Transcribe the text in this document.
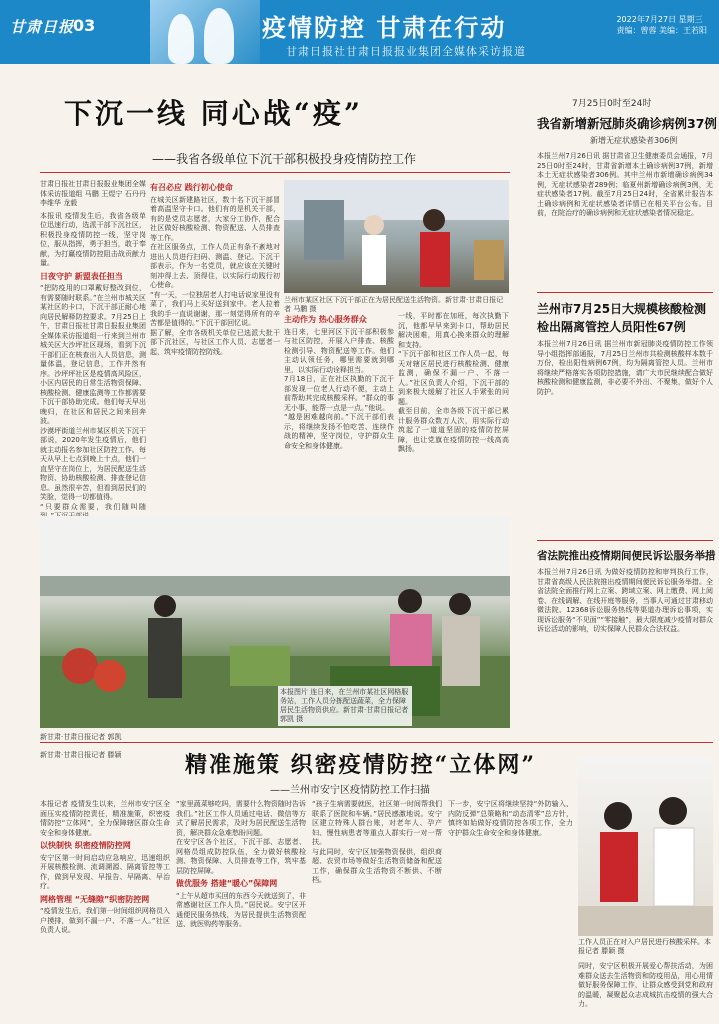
甘肃日报
03	疫情防控 甘肃在行动
甘肃日报社甘肃日报报业集团全媒体采访报道
2022年7月27日 星期三
责编：曾蓉 美编：王若阳
下沉一线 同心战“疫”
——我省各级单位下沉干部积极投身疫情防控工作
甘肃日报社甘肃日报报业集团全媒体采访报道组 马鹏 王煜宁 石丹丹 李维华 龙毅
本报讯 疫情发生后，我省各级单位迅速行动，选派干部下沉社区，积极投身疫情防控一线，坚守岗位，服从指挥，勇于担当，敢于奉献，为打赢疫情防控阻击战贡献力量。
日夜守护 新盟表任担当
“把防疫用的口罩戴好整改到位，有需要随时联系。”在兰州市城关区某社区的卡口，下沉干部正耐心地向居民解释防控要求。7月25日上午，甘肃日报社甘肃日报报业集团全媒体采访报道组一行来到兰州市城关区大沙坪社区现场，看到下沉干部们正在核查出入人员信息，测量体温，登记信息，工作井然有序。沙坪坪社区是疫情高风险区，小区内居民的日常生活物资保障、核酸检测、健康监测等工作都需要下沉干部协助完成。他们每天早出晚归，在社区和居民之间来回奔波。
沙漠坪街道兰州市某区机关下沉干部说，2020年发生疫情后，他们就主动报名参加社区防控工作。每天从早上七点到晚上十点，他们一直坚守在岗位上，为居民配送生活物资、协助核酸检测、排查登记信息。虽然很辛苦，但看到居民们的笑脸，觉得一切都值得。
“只要群众需要，我们随叫随
有召必应 践行初心使命
在城关区新建路社区，数十名下沉干部冒着高温坚守卡口。他们有的是机关干部，有的是党员志愿者，大家分工协作，配合社区做好核酸检测、物资配送、人员排查等工作。
在社区服务点，工作人员正有条不紊地对进出人员进行扫码、测温、登记。下沉干部表示，作为一名党员，就应该在关键时刻冲得上去、顶得住，以实际行动践行初心使命。
“有一天，一位独居老人打电话说家里没有菜了，我们马上买好送到家中。老人拉着我的手一直说谢谢，那一刻觉得所有的辛苦都是值得的。”下沉干部回忆说。
据了解，全市各级机关单位已选派大批干部下沉社区，与社区工作人员、志愿者一起，筑牢疫情防控防线。
兰州市某区社区下沉干部正在为居民配送生活物资。新甘肃·甘肃日报记者 马鹏 摄
主动作为 热心服务群众
连日来，七里河区下沉干部积极参与社区防控，开展入户排查、核酸检测引导、物资配送等工作。他们主动认领任务，哪里需要就到哪里，以实际行动诠释担当。
7月18日，正在社区执勤的下沉干部发现一位老人行动不便，主动上前帮助其完成核酸采样。“群众的事无小事，能帮一点是一点。”他说。
“越是困难越向前。”下沉干部们表示，将继续发扬不怕吃苦、连续作战的精神，坚守岗位，守护群众生命安全和身体健康。
一线，平时都在加班，每次执勤下沉，他都早早来到卡口，帮助居民解决困难，用真心换来群众的理解和支持。
“下沉干部和社区工作人员一起，每天对辖区居民进行核酸检测、健康监测，确保不漏一户、不落一人。”社区负责人介绍，下沉干部的到来极大缓解了社区人手紧张的问题。
截至目前，全市各级下沉干部已累计服务群众数万人次，用实际行动筑起了一道道坚固的疫情防控屏障，也让党旗在疫情防控一线高高飘扬。
本报图片 连日来，在兰州市某社区网格服务站，工作人员分拣配送蔬菜，全力保障居民生活物资供应。新甘肃·甘肃日报记者 郭凯 摄
新甘肃·甘肃日报记者 郭凯
7月25日0时至24时
我省新增新冠肺炎确诊病例37例
新增无症状感染者306例
本报兰州7月26日讯 据甘肃省卫生健康委员会通报，7月25日0时至24时，甘肃省新增本土确诊病例37例，新增本土无症状感染者306例。其中兰州市新增确诊病例34例，无症状感染者289例；临夏州新增确诊病例3例，无症状感染者17例。截至7月25日24时，全省累计报告本土确诊病例和无症状感染者详情已在相关平台公布。目前，在院治疗的确诊病例和无症状感染者情况稳定。
兰州市7月25日大规模核酸检测
检出隔离管控人员阳性67例
本报兰州7月26日讯 据兰州市新冠肺炎疫情防控工作领导小组指挥部通报，7月25日兰州市共检测核酸样本数千万份，检出阳性病例67例，均为隔离管控人员。兰州市将继续严格落实各项防控措施，请广大市民继续配合做好核酸检测和健康监测，非必要不外出、不聚集，做好个人防护。
省法院推出疫情期间便民诉讼服务举措
本报兰州7月26日讯 为做好疫情防控和审判执行工作，甘肃省高级人民法院推出疫情期间便民诉讼服务举措。全省法院全面推行网上立案、跨域立案、网上缴费、网上阅卷、在线调解、在线开庭等服务，当事人可通过甘肃移动微法院、12368诉讼服务热线等渠道办理诉讼事项，实现诉讼服务“不见面”“零接触”，最大限度减少疫情对群众诉讼活动的影响，切实保障人民群众合法权益。
精准施策 织密疫情防控“立体网”
——兰州市安宁区疫情防控工作扫描
新甘肃·甘肃日报记者 滕颖
本报记者 疫情发生以来，兰州市安宁区全面压实疫情防控责任，精准施策，织密疫情防控“立体网”，全力保障辖区群众生命安全和身体健康。
以快制快 织密疫情防控网
安宁区第一时间启动应急响应，迅速组织开展核酸检测、流调溯源、隔离管控等工作，做到早发现、早报告、早隔离、早治疗。
网格管理 “无缝隙”织密防控网
“疫情发生后，我们第一时间组织网格员入户摸排，做到不漏一户、不落一人。”社区负责人说。
“家里蔬菜够吃吗，需要什么物资随时告诉我们。”社区工作人员通过电话、微信等方式了解居民需求，及时为居民配送生活物资，解决群众急难愁盼问题。
在安宁区各个社区，下沉干部、志愿者、网格员组成防控队伍，全力做好核酸检测、物资保障、人员排查等工作，筑牢基层防控屏障。
做优服务 搭建“暖心”保障网
“上午从超市买回的东西今天就送到了，非常感谢社区工作人员。”居民说。安宁区开通便民服务热线，为居民提供生活物资配送、就医购药等服务。
“孩子生病需要就医，社区第一时间帮我们联系了医院和车辆。”居民感激地说。安宁区建立特殊人群台账，对老年人、孕产妇、慢性病患者等重点人群实行一对一帮扶。
与此同时，安宁区加强物资保供，组织商超、农贸市场等做好生活物资储备和配送工作，确保群众生活物资不断供、不断档。
下一步，安宁区将继续坚持“外防输入、内防反弹”总策略和“动态清零”总方针，慎终如始做好疫情防控各项工作，全力守护群众生命安全和身体健康。
工作人员正在对入户居民进行核酸采样。本报记者 滕颖 摄
同时，安宁区积极开展爱心帮扶活动，为困难群众送去生活物资和防疫用品，用心用情做好服务保障工作，让群众感受到党和政府的温暖，凝聚起众志成城抗击疫情的强大合力。
